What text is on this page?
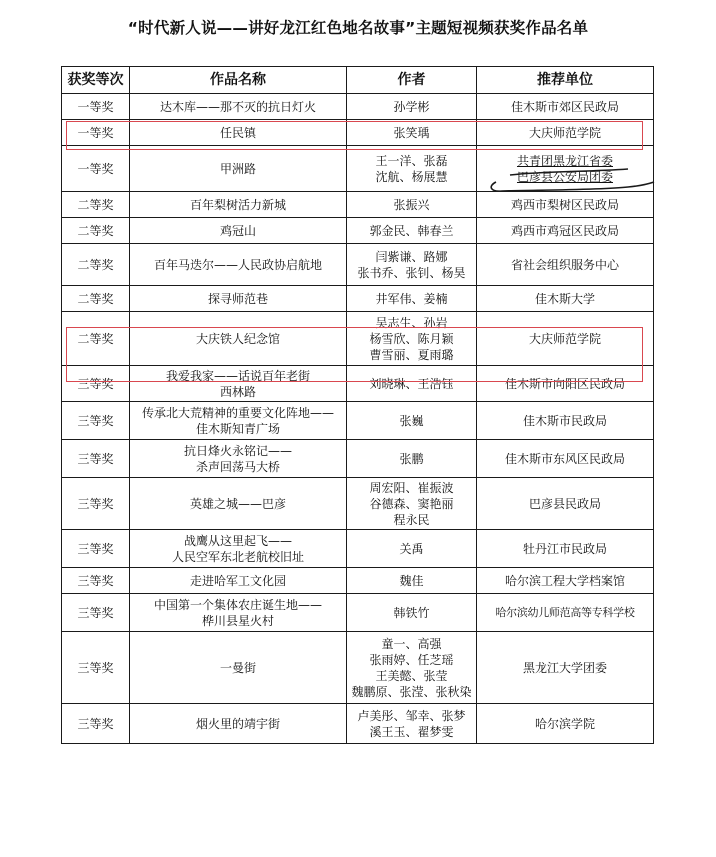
“时代新人说——讲好龙江红色地名故事”主题短视频获奖作品名单
获奖等次	作品名称	作者	推荐单位
一等奖	达木库——那不灭的抗日灯火	孙学彬	佳木斯市郊区民政局

一等奖	任民镇	张笑瑀	大庆师范学院

一等奖	甲洲路	王一洋、张磊
沈航、杨展慧	共青团黑龙江省委
巴彦县公安局团委

二等奖	百年梨树活力新城	张振兴	鸡西市梨树区民政局

二等奖	鸡冠山	郭金民、韩春兰	鸡西市鸡冠区民政局

二等奖	百年马迭尔——人民政协启航地	闫紫谦、路娜
张书乔、张钊、杨昊	省社会组织服务中心

二等奖	探寻师范巷	井军伟、姜楠	佳木斯大学

二等奖	大庆铁人纪念馆	吴志生、孙岩
杨雪欣、陈月颖
曹雪丽、夏雨璐	大庆师范学院

三等奖	我爱我家——话说百年老街
西林路	刘晓琳、王浩钰	佳木斯市向阳区民政局

三等奖	传承北大荒精神的重要文化阵地——
佳木斯知青广场	张巍	佳木斯市民政局

三等奖	抗日烽火永铭记——
杀声回荡马大桥	张鹏	佳木斯市东风区民政局

三等奖	英雄之城——巴彦	周宏阳、崔振波
谷德森、窦艳丽
程永民	巴彦县民政局

三等奖	战鹰从这里起飞——
人民空军东北老航校旧址	关禹	牡丹江市民政局

三等奖	走进哈军工文化园	魏佳	哈尔滨工程大学档案馆

三等奖	中国第一个集体农庄诞生地——
桦川县星火村	韩铁竹	哈尔滨幼儿师范高等专科学校

三等奖	一曼街	童一、高强
张雨婷、任芝瑶
王美懿、张莹
魏鹏原、张滢、张秋染	黑龙江大学团委

三等奖	烟火里的靖宇街	卢美彤、邹幸、张梦
溪王玉、翟梦雯	哈尔滨学院
